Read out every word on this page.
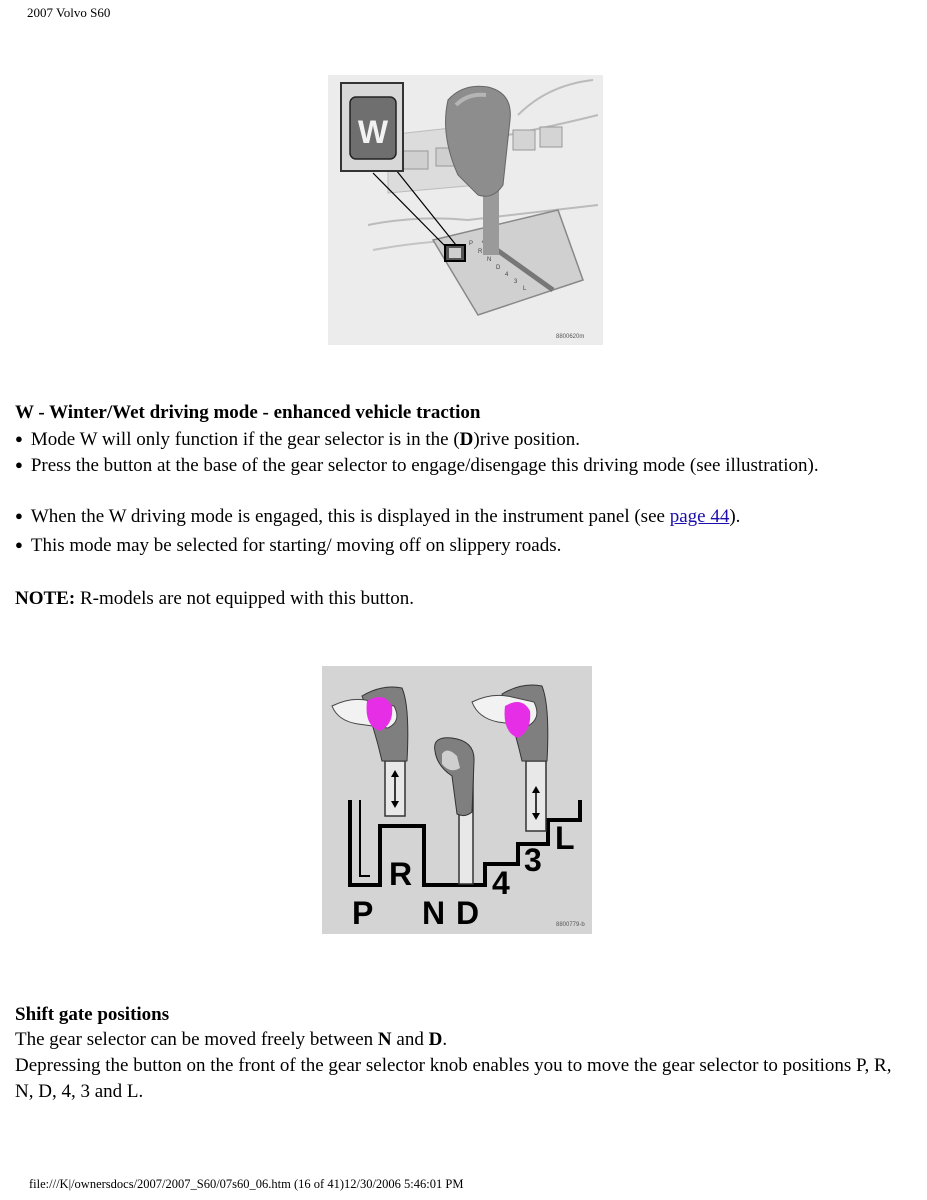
2007 Volvo S60
W
P
R
N
D
4
3
L
8800620m
W - Winter/Wet driving mode - enhanced vehicle traction
● Mode W will only function if the gear selector is in the (D)rive position.
● Press the button at the base of the gear selector to engage/disengage this driving mode (see illustration).
● When the W driving mode is engaged, this is displayed in the instrument panel (see page 44).
● This mode may be selected for starting/ moving off on slippery roads.
NOTE: R-models are not equipped with this button.
P
R
N D
4
3
L
8800779-b
Shift gate positions
The gear selector can be moved freely between N and D.
Depressing the button on the front of the gear selector knob enables you to move the gear selector to positions P, R, N, D, 4, 3 and L.
file:///K|/ownersdocs/2007/2007_S60/07s60_06.htm (16 of 41)12/30/2006 5:46:01 PM
